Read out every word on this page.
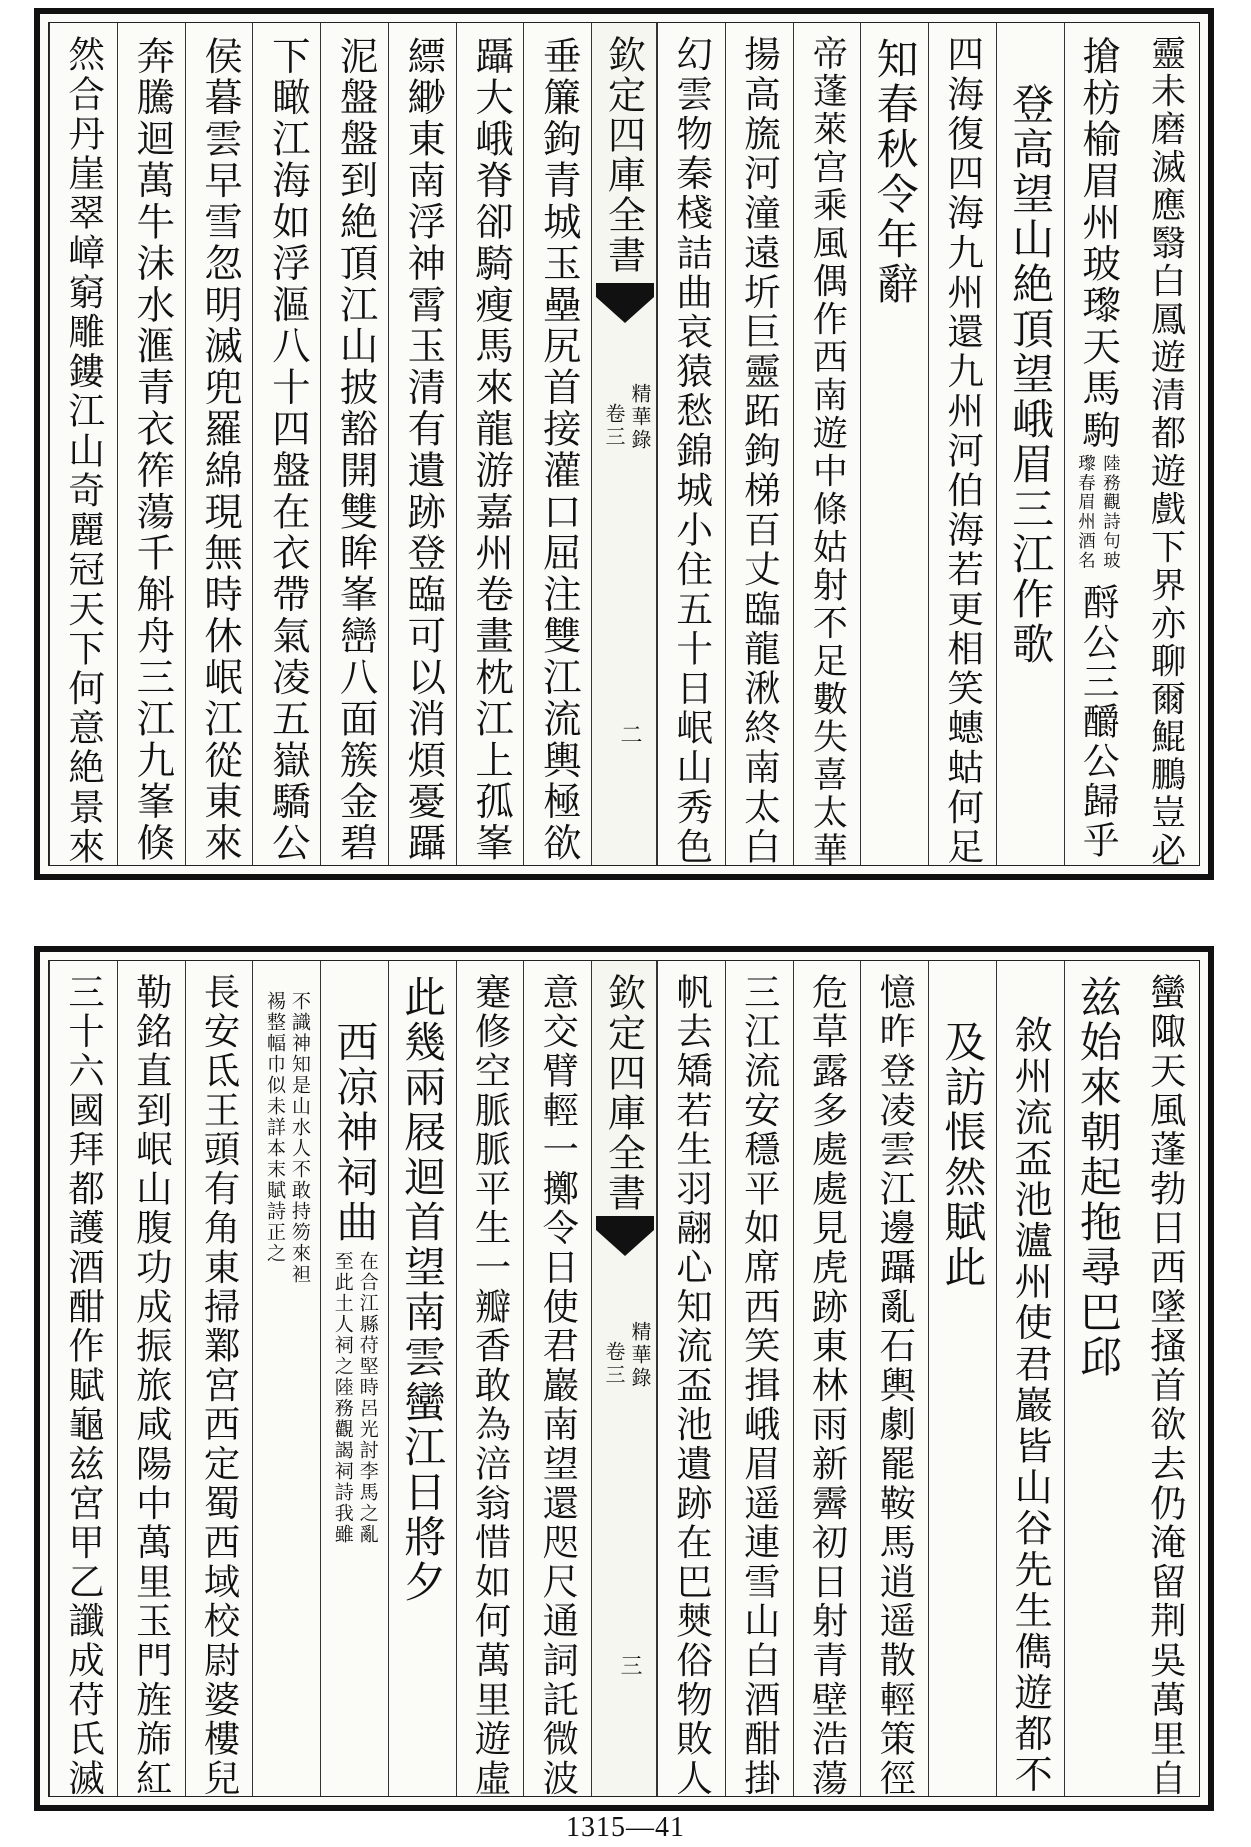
欽定四庫全書
精華錄
卷三
二	靈未磨滅應翳白鳳遊清都遊戲下界亦聊爾鯤鵬豈必
搶枋榆眉州玻瓈天馬駒
陸務觀詩句玻
瓈春眉州酒名
酹公三釂公歸乎
　登高望山絶頂望峨眉三江作歌
四海復四海九州還九州河伯海若更相笑蟪蛄何足
知春秋令年辭
帝蓬萊宫乘風偶作西南遊中條姑射不足數失喜太華
揚高旒河潼遠圻巨靈跖鉤梯百丈臨龍湫終南太白
幻雲物秦棧詰曲哀猿愁錦城小住五十日岷山秀色
垂簾鉤青城玉壘尻首接灌口屈注雙江流輿極欲
躡大峨脊卻騎瘦馬來龍游嘉州卷畫枕江上孤峯
縹緲東南浮神霄玉清有遺跡登臨可以消煩憂躡
泥盤盤到絶頂江山披豁開雙眸峯巒八面簇金碧
下瞰江海如浮漚八十四盤在衣帶氣凌五嶽驕公
侯暮雲早雪忽明滅兜羅綿現無時休岷江從東來
奔騰迴萬牛沬水滙青衣筰蕩千斛舟三江九峯倏
然合丹崖翠嶂窮雕鏤江山奇麗冠天下何意絶景來
欽定四庫全書
精華錄
卷三
三	蠻陬天風蓬勃日西墜搔首欲去仍淹留荆吳萬里自
兹始來朝起拖尋巴邱
　敘州流盃池瀘州使君巖皆山谷先生儁遊都不
　及訪悵然賦此
憶昨登凌雲江邊躡亂石輿劇罷鞍馬逍遥散輕策徑
危草露多處處見虎跡東林雨新霽初日射青壁浩蕩
三江流安穩平如席西笑揖峨眉遥連雪山白酒酣掛
帆去矯若生羽翮心知流盃池遺跡在巴僰俗物敗人
意交臂輕一擲令日使君巖南望還咫尺通詞託微波
蹇修空脈脈平生一瓣香敢為涪翁惜如何萬里遊虛
此幾兩屐迴首望南雲蠻江日將夕
　西凉神祠曲
在合江縣苻堅時呂光討李馬之亂
至此土人祠之陸務觀謁祠詩我雖
不識神知是山水人不敢持笏來袒
裼整幅巾似未詳本末賦詩正之
長安氐王頭有角東掃鄴宮西定蜀西域校尉婆樓兒
勒銘直到岷山腹功成振旅咸陽中萬里玉門旌旆紅
三十六國拜都護酒酣作賦龜兹宮甲乙讖成苻氏滅
1315—41
